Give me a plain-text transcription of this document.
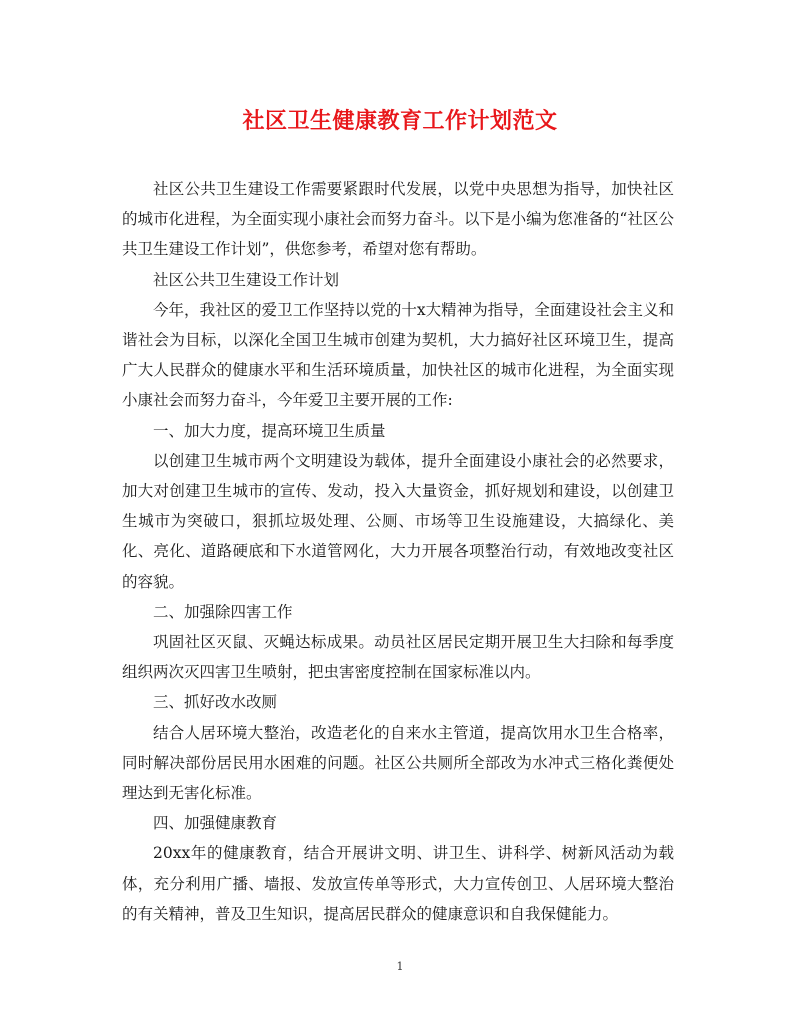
社区卫生健康教育工作计划范文

社区公共卫生建设工作需要紧跟时代发展，以党中央思想为指导，加快社区的城市化进程，为全面实现小康社会而努力奋斗。以下是小编为您准备的“社区公共卫生建设工作计划”，供您参考，希望对您有帮助。

社区公共卫生建设工作计划

今年，我社区的爱卫工作坚持以党的十x大精神为指导，全面建设社会主义和谐社会为目标，以深化全国卫生城市创建为契机，大力搞好社区环境卫生，提高广大人民群众的健康水平和生活环境质量，加快社区的城市化进程，为全面实现小康社会而努力奋斗，今年爱卫主要开展的工作:

一、加大力度，提高环境卫生质量

以创建卫生城市两个文明建设为载体，提升全面建设小康社会的必然要求，加大对创建卫生城市的宣传、发动，投入大量资金，抓好规划和建设，以创建卫生城市为突破口，狠抓垃圾处理、公厕、市场等卫生设施建设，大搞绿化、美化、亮化、道路硬底和下水道管网化，大力开展各项整治行动，有效地改变社区的容貌。

二、加强除四害工作

巩固社区灭鼠、灭蝇达标成果。动员社区居民定期开展卫生大扫除和每季度组织两次灭四害卫生喷射，把虫害密度控制在国家标准以内。

三、抓好改水改厕

结合人居环境大整治，改造老化的自来水主管道，提高饮用水卫生合格率，同时解决部份居民用水困难的问题。社区公共厕所全部改为水冲式三格化粪便处理达到无害化标准。

四、加强健康教育

20xx年的健康教育，结合开展讲文明、讲卫生、讲科学、树新风活动为载体，充分利用广播、墙报、发放宣传单等形式，大力宣传创卫、人居环境大整治的有关精神，普及卫生知识，提高居民群众的健康意识和自我保健能力。

1
